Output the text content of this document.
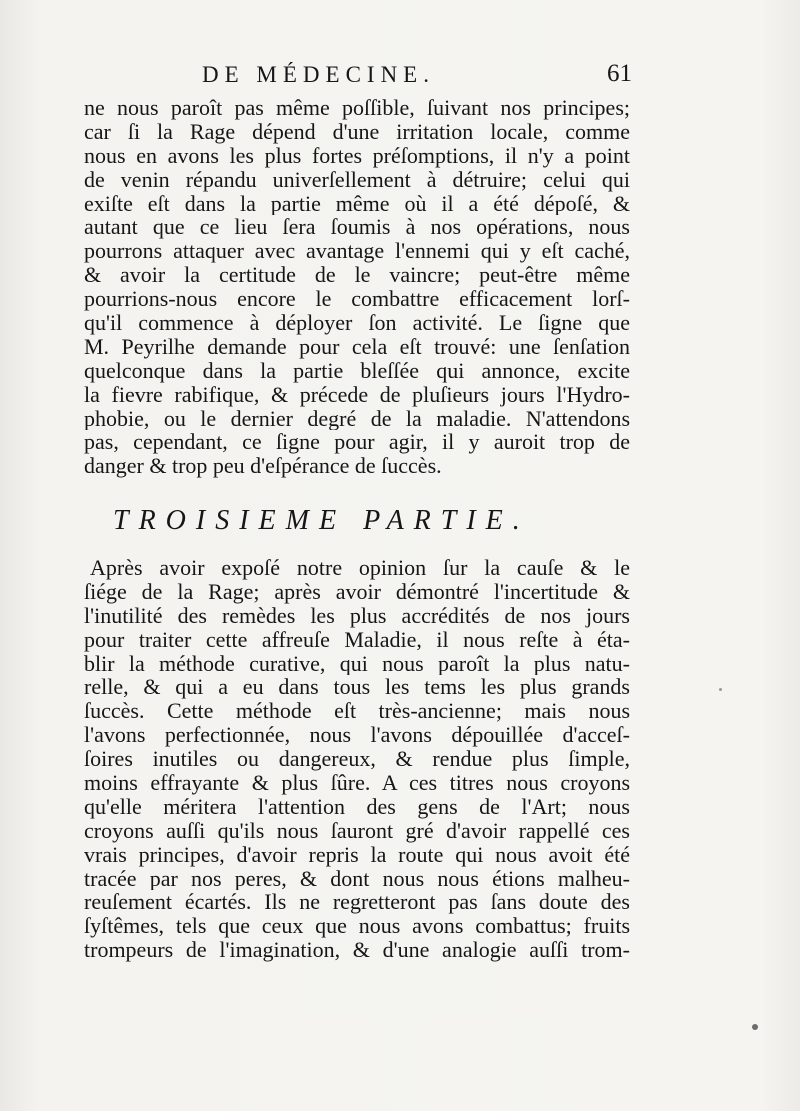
DE MÉDECINE.	61
ne nous paroît pas même poſſible, ſuivant nos principes;
car ſi la Rage dépend d'une irritation locale, comme
nous en avons les plus fortes préſomptions, il n'y a point
de venin répandu univerſellement à détruire; celui qui
exiſte eſt dans la partie même où il a été dépoſé, &
autant que ce lieu ſera ſoumis à nos opérations, nous
pourrons attaquer avec avantage l'ennemi qui y eſt caché,
& avoir la certitude de le vaincre; peut-être même
pourrions-nous encore le combattre efficacement lorſ-
qu'il commence à déployer ſon activité. Le ſigne que
M. Peyrilhe demande pour cela eſt trouvé: une ſenſation
quelconque dans la partie bleſſée qui annonce, excite
la fievre rabifique, & précede de pluſieurs jours l'Hydro-
phobie, ou le dernier degré de la maladie. N'attendons
pas, cependant, ce ſigne pour agir, il y auroit trop de
danger & trop peu d'eſpérance de ſuccès.
TROISIEME PARTIE.
Après avoir expoſé notre opinion ſur la cauſe & le
ſiége de la Rage; après avoir démontré l'incertitude &
l'inutilité des remèdes les plus accrédités de nos jours
pour traiter cette affreuſe Maladie, il nous reſte à éta-
blir la méthode curative, qui nous paroît la plus natu-
relle, & qui a eu dans tous les tems les plus grands
ſuccès. Cette méthode eſt très-ancienne; mais nous
l'avons perfectionnée, nous l'avons dépouillée d'acceſ-
ſoires inutiles ou dangereux, & rendue plus ſimple,
moins effrayante & plus ſûre. A ces titres nous croyons
qu'elle méritera l'attention des gens de l'Art; nous
croyons auſſi qu'ils nous ſauront gré d'avoir rappellé ces
vrais principes, d'avoir repris la route qui nous avoit été
tracée par nos peres, & dont nous nous étions malheu-
reuſement écartés. Ils ne regretteront pas ſans doute des
ſyſtêmes, tels que ceux que nous avons combattus; fruits
trompeurs de l'imagination, & d'une analogie auſſi trom-
